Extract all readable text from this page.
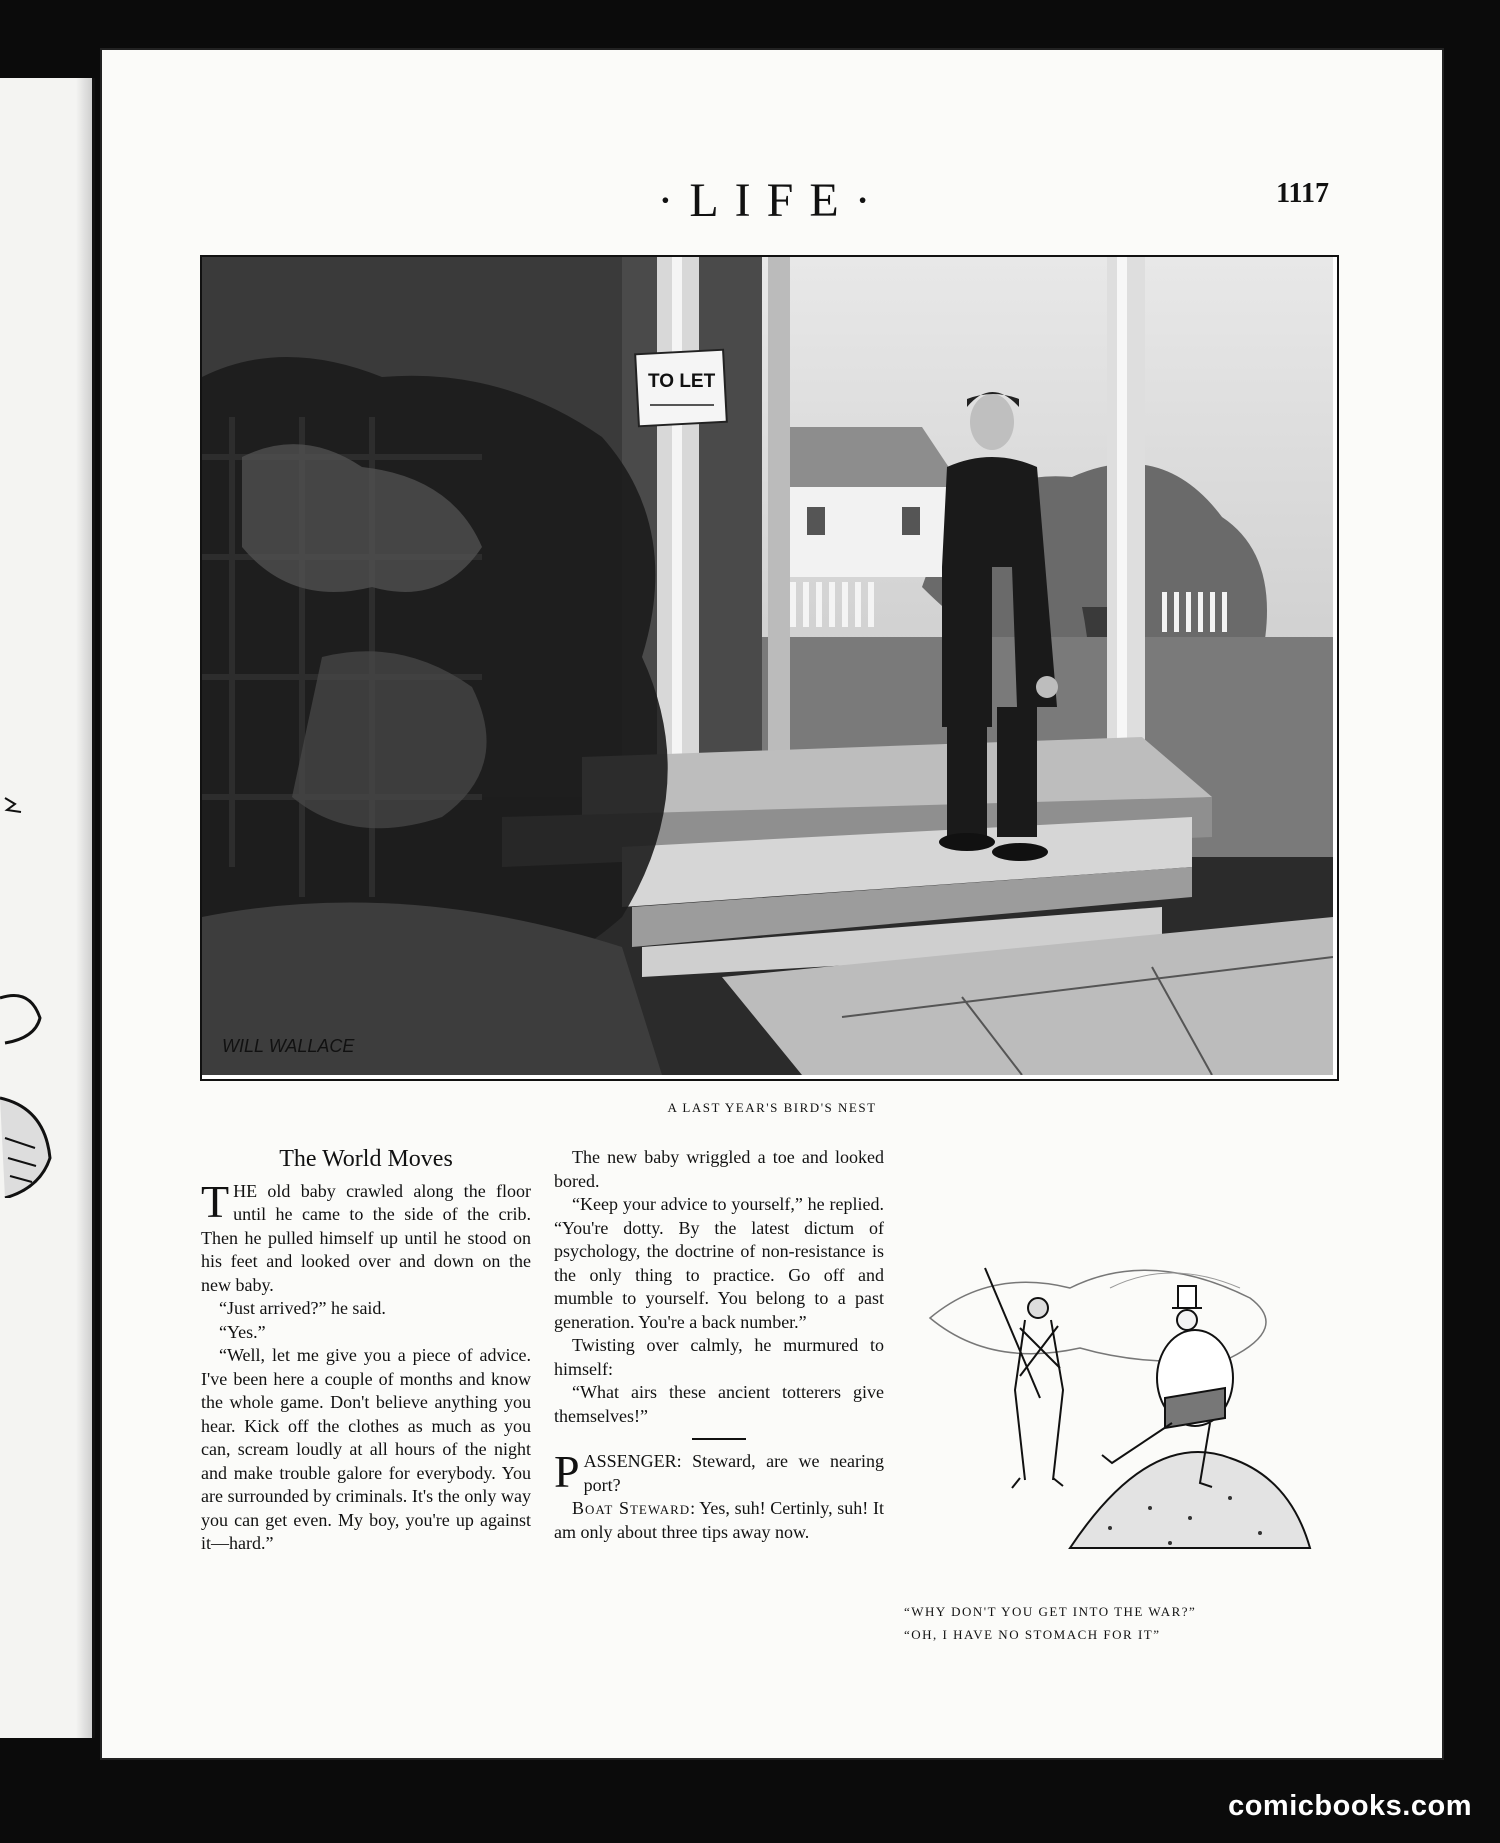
·LIFE·	1117
TO LET
WILL WALLACE
A LAST YEAR'S BIRD'S NEST
The World Moves

THE old baby crawled along the floor until he came to the side of the crib. Then he pulled himself up until he stood on his feet and looked over and down on the new baby.

“Just arrived?” he said.

“Yes.”

“Well, let me give you a piece of advice. I've been here a couple of months and know the whole game. Don't believe anything you hear. Kick off the clothes as much as you can, scream loudly at all hours of the night and make trouble galore for everybody. You are surrounded by criminals. It's the only way you can get even. My boy, you're up against it—hard.”

The new baby wriggled a toe and looked bored.

“Keep your advice to yourself,” he replied. “You're dotty. By the latest dictum of psychology, the doctrine of non-resistance is the only thing to practice. Go off and mumble to yourself. You belong to a past generation. You're a back number.”

Twisting over calmly, he murmured to himself:

“What airs these ancient totterers give themselves!”

PASSENGER: Steward, are we nearing port?

Boat Steward: Yes, suh! Certinly, suh! It am only about three tips away now.

“WHY DON'T YOU GET INTO THE WAR?”
“OH, I HAVE NO STOMACH FOR IT”
comicbooks.com
